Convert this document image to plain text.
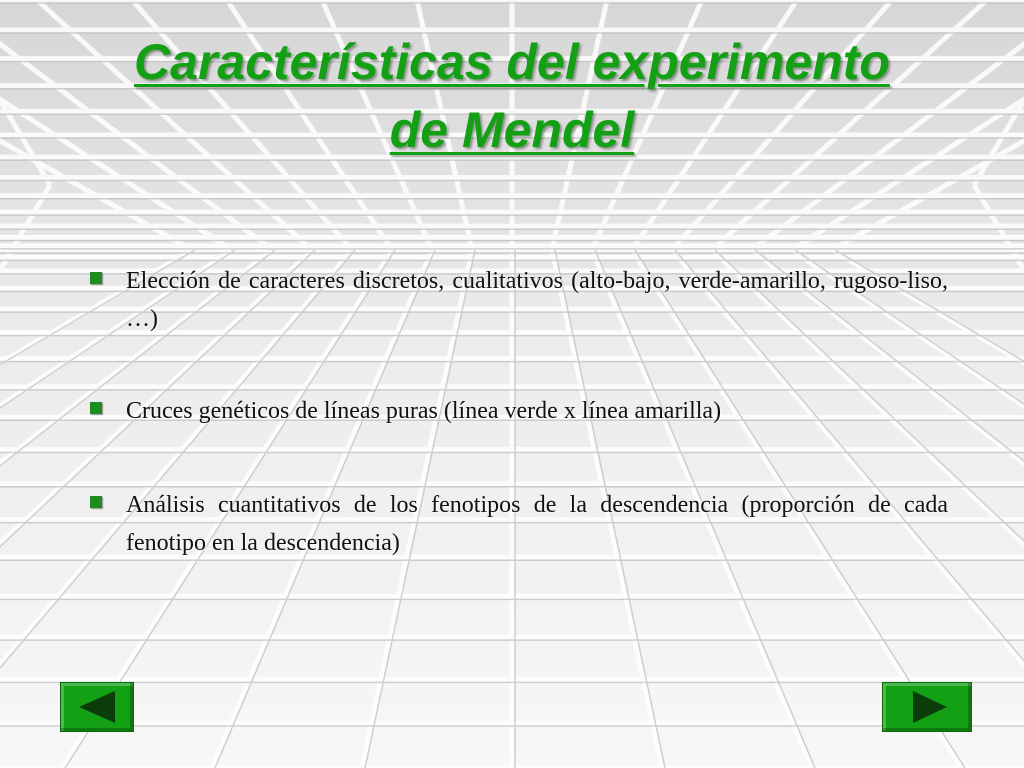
Características del experimento
de Mendel
Elección de caracteres discretos, cualitativos (alto-bajo, verde-amarillo, rugoso-liso, …)
Cruces genéticos de líneas puras (línea verde x línea amarilla)
Análisis cuantitativos de los fenotipos de la descendencia (proporción de cada fenotipo en la descendencia)
